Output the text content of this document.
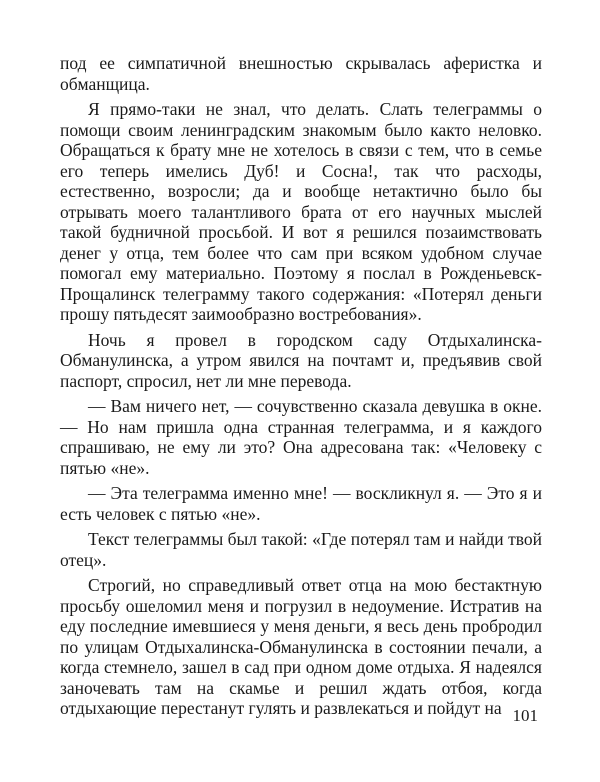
под ее симпатичной внешностью скрывалась аферистка и обманщица.

Я прямо-таки не знал, что делать. Слать телеграммы о помощи своим ленинградским знакомым было както неловко. Обращаться к брату мне не хотелось в связи с тем, что в семье его теперь имелись Дуб! и Сосна!, так что расходы, естественно, возросли; да и вообще нетактично было бы отрывать моего талантливого брата от его научных мыслей такой будничной просьбой. И вот я решился позаимствовать денег у отца, тем более что сам при всяком удобном случае помогал ему материально. Поэтому я послал в Рожденьевск-Прощалинск телеграмму такого содержания: «Потерял деньги прошу пятьдесят заимообразно востребования».

Ночь я провел в городском саду Отдыхалинска-Обманулинска, а утром явился на почтамт и, предъявив свой паспорт, спросил, нет ли мне перевода.

— Вам ничего нет, — сочувственно сказала девушка в окне. — Но нам пришла одна странная телеграмма, и я каждого спрашиваю, не ему ли это? Она адресована так: «Человеку с пятью «не».

— Эта телеграмма именно мне! — воскликнул я. — Это я и есть человек с пятью «не».

Текст телеграммы был такой: «Где потерял там и найди твой отец».

Строгий, но справедливый ответ отца на мою бестактную просьбу ошеломил меня и погрузил в недоумение. Истратив на еду последние имевшиеся у меня деньги, я весь день пробродил по улицам Отдыхалинска-Обманулинска в состоянии печали, а когда стемнело, зашел в сад при одном доме отдыха. Я надеялся заночевать там на скамье и решил ждать отбоя, когда отдыхающие перестанут гулять и развлекаться и пойдут на 101
